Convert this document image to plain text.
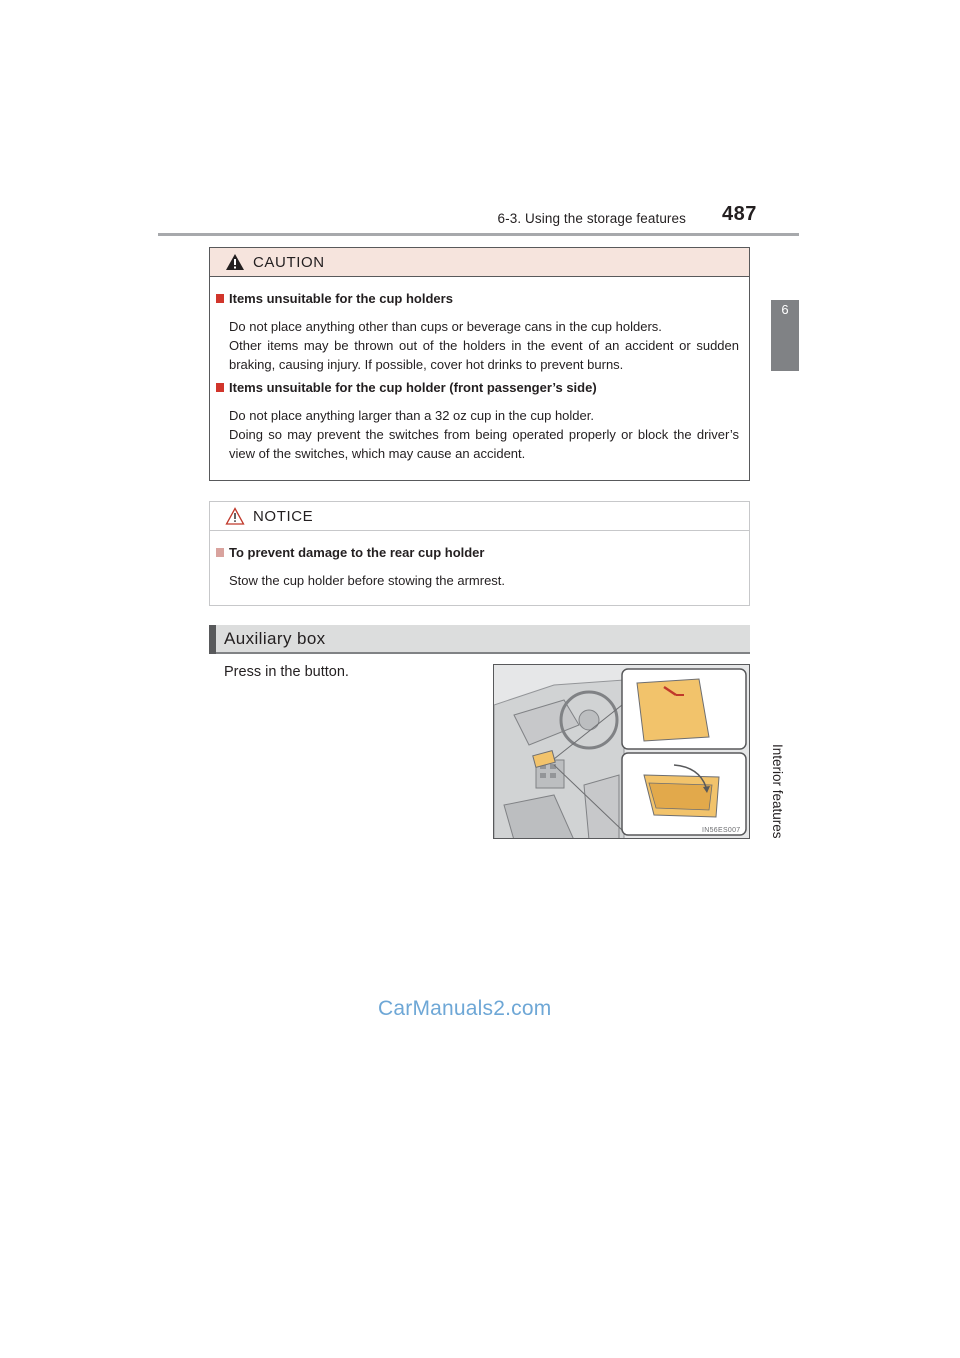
6-3. Using the storage features 487
6
Interior features
CAUTION
Items unsuitable for the cup holders
Do not place anything other than cups or beverage cans in the cup holders.
Other items may be thrown out of the holders in the event of an accident or sudden braking, causing injury. If possible, cover hot drinks to prevent burns.
Items unsuitable for the cup holder (front passenger’s side)
Do not place anything larger than a 32 oz cup in the cup holder.
Doing so may prevent the switches from being operated properly or block the driver’s view of the switches, which may cause an accident.
NOTICE
To prevent damage to the rear cup holder
Stow the cup holder before stowing the armrest.
Auxiliary box
Press in the button.
IN56ES007
CarManuals2.com
carmanualsonline.info
